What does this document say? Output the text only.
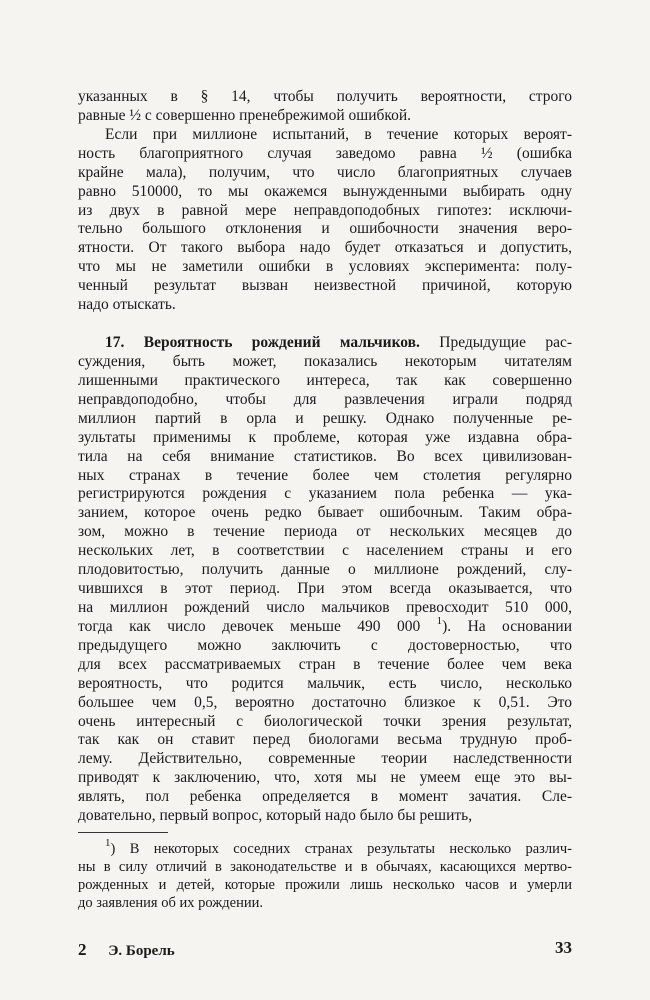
указанных в § 14, чтобы получить вероятности, строго
равные ½ с совершенно пренебрежимой ошибкой.
Если при миллионе испытаний, в течение которых вероят-
ность благоприятного случая заведомо равна ½ (ошибка
крайне мала), получим, что число благоприятных случаев
равно 510000, то мы окажемся вынужденными выбирать одну
из двух в равной мере неправдоподобных гипотез: исключи-
тельно большого отклонения и ошибочности значения веро-
ятности. От такого выбора надо будет отказаться и допустить,
что мы не заметили ошибки в условиях эксперимента: полу-
ченный результат вызван неизвестной причиной, которую
надо отыскать.
17. Вероятность рождений мальчиков. Предыдущие рас-
суждения, быть может, показались некоторым читателям
лишенными практического интереса, так как совершенно
неправдоподобно, чтобы для развлечения играли подряд
миллион партий в орла и решку. Однако полученные ре-
зультаты применимы к проблеме, которая уже издавна обра-
тила на себя внимание статистиков. Во всех цивилизован-
ных странах в течение более чем столетия регулярно
регистрируются рождения с указанием пола ребенка — ука-
занием, которое очень редко бывает ошибочным. Таким обра-
зом, можно в течение периода от нескольких месяцев до
нескольких лет, в соответствии с населением страны и его
плодовитостью, получить данные о миллионе рождений, слу-
чившихся в этот период. При этом всегда оказывается, что
на миллион рождений число мальчиков превосходит 510 000,
тогда как число девочек меньше 490 000 $^1$). На основании
предыдущего можно заключить с достоверностью, что
для всех рассматриваемых стран в течение более чем века
$^1$) В некоторых соседних странах результаты несколько различ-
ны в силу отличий в законодательстве и в обычаях, касающихся мертво-
рожденных и детей, которые прожили лишь несколько часов и умерли
до заявления об их рождении.
2 Э. Борель	33
вероятность, что родится мальчик, есть число, несколько
большее чем 0,5, вероятно достаточно близкое к 0,51. Это
очень интересный с биологической точки зрения результат,
так как он ставит перед биологами весьма трудную проб-
лему. Действительно, современные теории наследственности
приводят к заключению, что, хотя мы не умеем еще это вы-
являть, пол ребенка определяется в момент зачатия. Сле-
довательно, первый вопрос, который надо было бы решить,
